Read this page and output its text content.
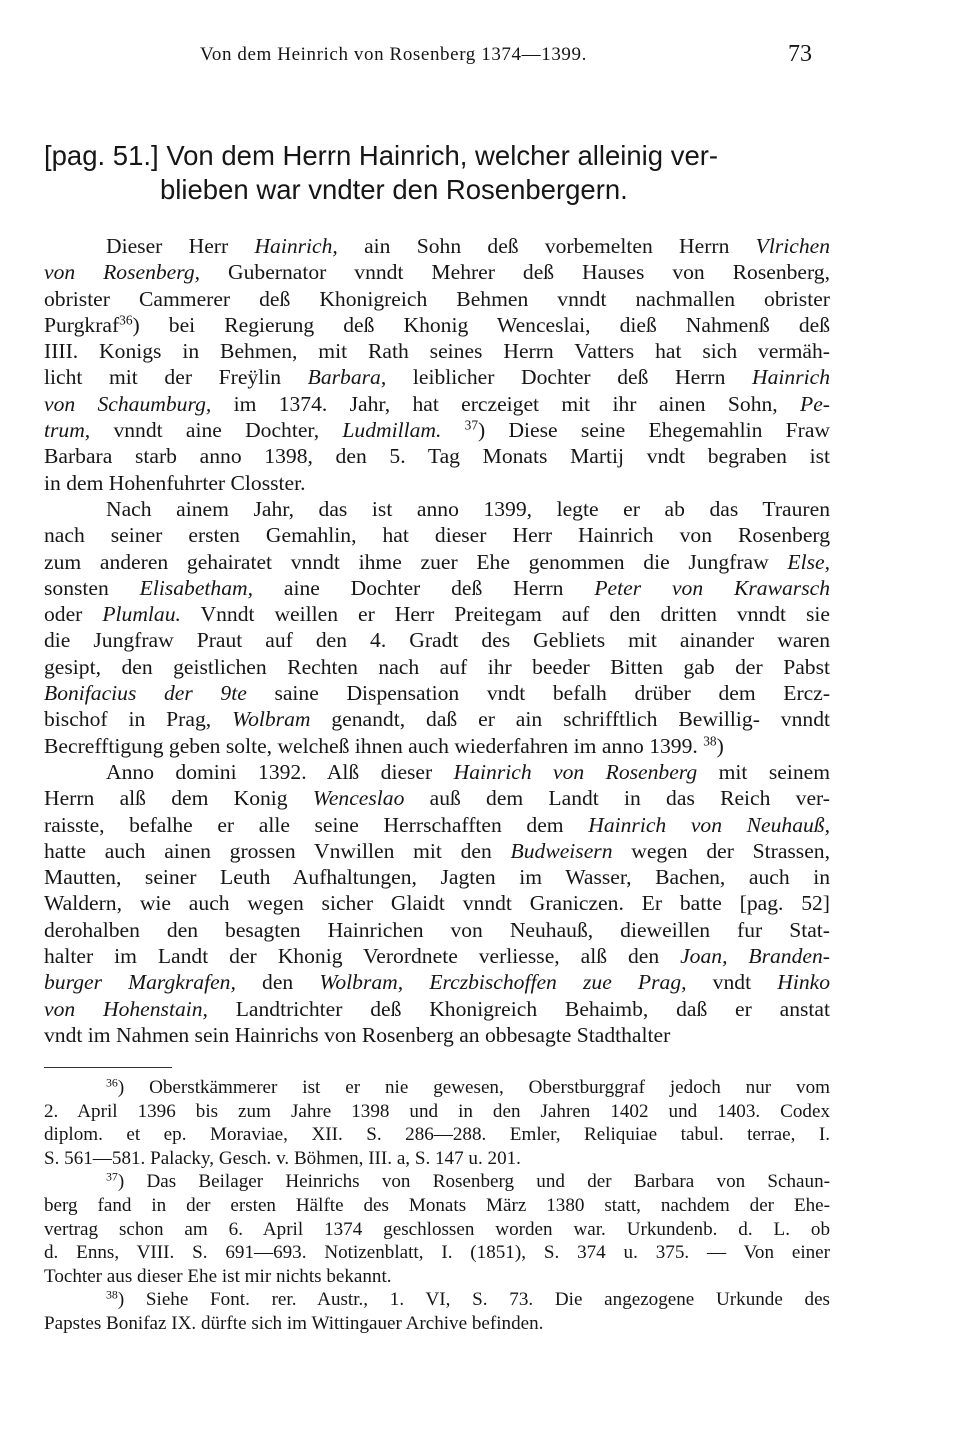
Von dem Heinrich von Rosenberg 1374—1399.	73
[pag. 51.] Von dem Herrn Hainrich, welcher alleinig ver-
blieben war vndter den Rosenbergern.
Dieser Herr Hainrich, ain Sohn deß vorbemelten Herrn Vlrichen
von Rosenberg, Gubernator vnndt Mehrer deß Hauses von Rosenberg,
obrister Cammerer deß Khonigreich Behmen vnndt nachmallen obrister
Purgkraf$^{36}$) bei Regierung deß Khonig Wenceslai, dieß Nahmenß deß
IIII. Konigs in Behmen, mit Rath seines Herrn Vatters hat sich vermäh-
licht mit der Freÿlin Barbara, leiblicher Dochter deß Herrn Hainrich
von Schaumburg, im 1374. Jahr, hat erczeiget mit ihr ainen Sohn, Pe-
trum, vnndt aine Dochter, Ludmillam. $^{37}$) Diese seine Ehegemahlin Fraw
Barbara starb anno 1398, den 5. Tag Monats Martij vndt begraben ist
in dem Hohenfuhrter Closster.
Nach ainem Jahr, das ist anno 1399, legte er ab das Trauren
nach seiner ersten Gemahlin, hat dieser Herr Hainrich von Rosenberg
zum anderen gehairatet vnndt ihme zuer Ehe genommen die Jungfraw Else,
sonsten Elisabetham, aine Dochter deß Herrn Peter von Krawarsch
oder Plumlau. Vnndt weillen er Herr Preitegam auf den dritten vnndt sie
die Jungfraw Praut auf den 4. Gradt des Gebliets mit ainander waren
gesipt, den geistlichen Rechten nach auf ihr beeder Bitten gab der Pabst
Bonifacius der 9te saine Dispensation vndt befalh drüber dem Ercz-
bischof in Prag, Wolbram genandt, daß er ain schrifftlich Bewillig- vnndt
Becrefftigung geben solte, welcheß ihnen auch wiederfahren im anno 1399. $^{38}$)
Anno domini 1392. Alß dieser Hainrich von Rosenberg mit seinem
Herrn alß dem Konig Wenceslao auß dem Landt in das Reich ver-
raisste, befalhe er alle seine Herrschafften dem Hainrich von Neuhauß,
hatte auch ainen grossen Vnwillen mit den Budweisern wegen der Strassen,
Mautten, seiner Leuth Aufhaltungen, Jagten im Wasser, Bachen, auch in
Waldern, wie auch wegen sicher Glaidt vnndt Graniczen. Er batte [pag. 52]
derohalben den besagten Hainrichen von Neuhauß, dieweillen fur Stat-
halter im Landt der Khonig Verordnete verliesse, alß den Joan, Branden-
burger Margkrafen, den Wolbram, Erczbischoffen zue Prag, vndt Hinko
von Hohenstain, Landtrichter deß Khonigreich Behaimb, daß er anstat
vndt im Nahmen sein Hainrichs von Rosenberg an obbesagte Stadthalter
$^{36}$) Oberstkämmerer ist er nie gewesen, Oberstburggraf jedoch nur vom
2. April 1396 bis zum Jahre 1398 und in den Jahren 1402 und 1403. Codex
diplom. et ep. Moraviae, XII. S. 286—288. Emler, Reliquiae tabul. terrae, I.
S. 561—581. Palacky, Gesch. v. Böhmen, III. a, S. 147 u. 201.
$^{37}$) Das Beilager Heinrichs von Rosenberg und der Barbara von Schaun-
berg fand in der ersten Hälfte des Monats März 1380 statt, nachdem der Ehe-
vertrag schon am 6. April 1374 geschlossen worden war. Urkundenb. d. L. ob
d. Enns, VIII. S. 691—693. Notizenblatt, I. (1851), S. 374 u. 375. — Von einer
Tochter aus dieser Ehe ist mir nichts bekannt.
$^{38}$) Siehe Font. rer. Austr., 1. VI, S. 73. Die angezogene Urkunde des
Papstes Bonifaz IX. dürfte sich im Wittingauer Archive befinden.
